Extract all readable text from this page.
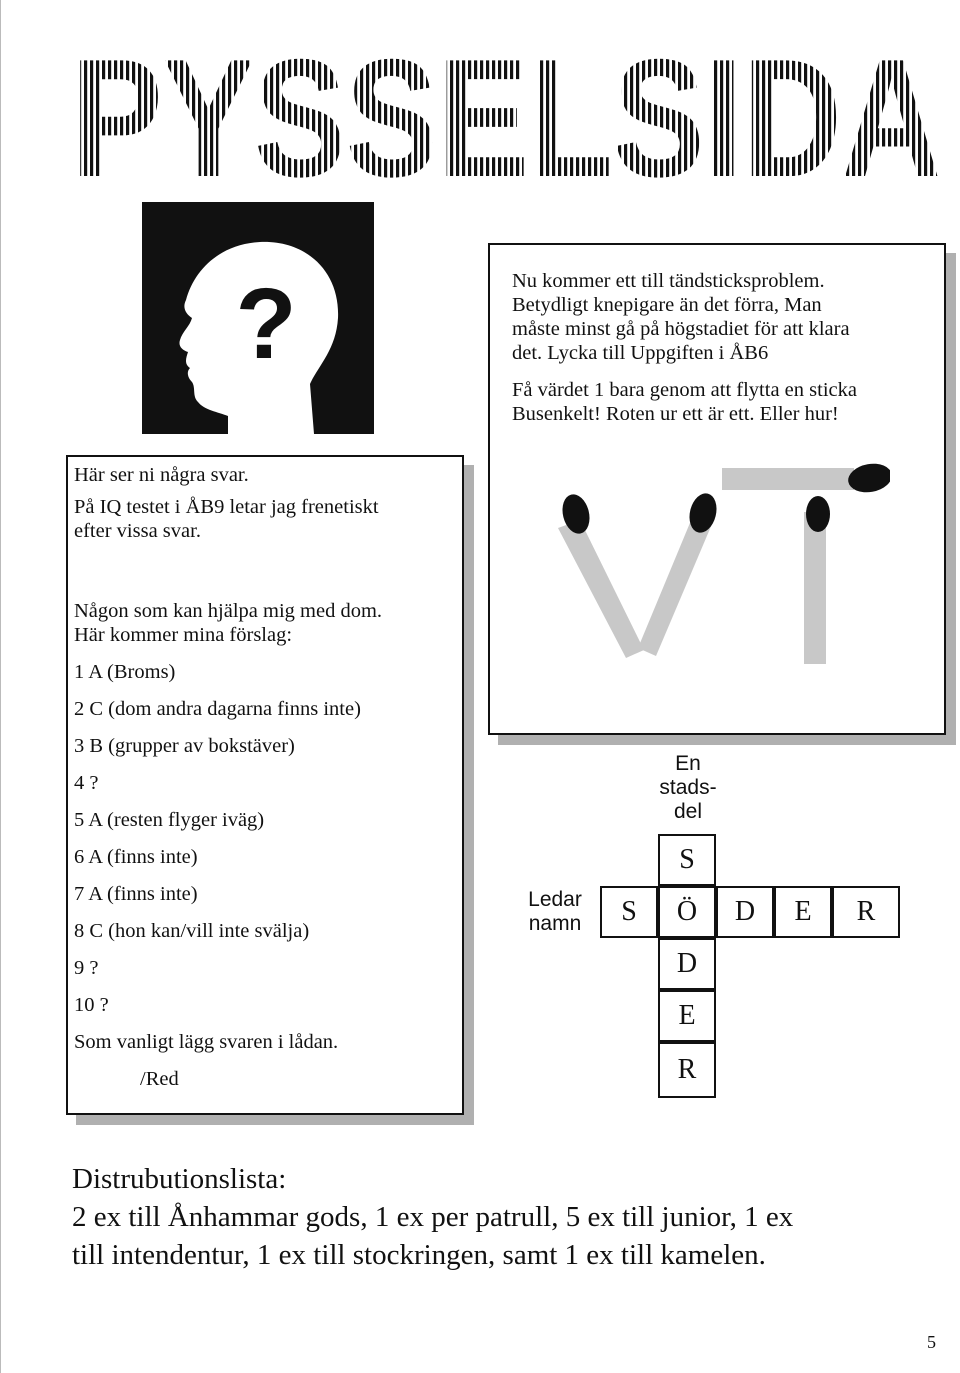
PYSSELSIDA
?	Nu kommer ett till tändsticksproblem.

Betydligt knepigare än det förra, Man

måste minst gå på högstadiet för att klara

det. Lycka till Uppgiften i ÅB6

Få värdet 1 bara genom att flytta en sticka

Busenkelt! Roten ur ett är ett. Eller hur!

Här ser ni några svar.

På IQ testet i ÅB9 letar jag frenetiskt

efter vissa svar.

Någon som kan hjälpa mig med dom.

Här kommer mina förslag:

1 A (Broms)

2 C (dom andra dagarna finns inte)

3 B (grupper av bokstäver)

4 ?

5 A (resten flyger iväg)

6 A (finns inte)

7 A (finns inte)

8 C (hon kan/vill inte svälja)

9 ?

10 ?

Som vanligt lägg svaren i lådan.

/Red

En
stads-
del
Ledar
namn
S
S	Ö	D	E	R
D
E
R

Distrubutionslista:

2 ex till Ånhammar gods, 1 ex per patrull, 5 ex till junior, 1 ex

till intendentur, 1 ex till stockringen, samt 1 ex till kamelen.

5
